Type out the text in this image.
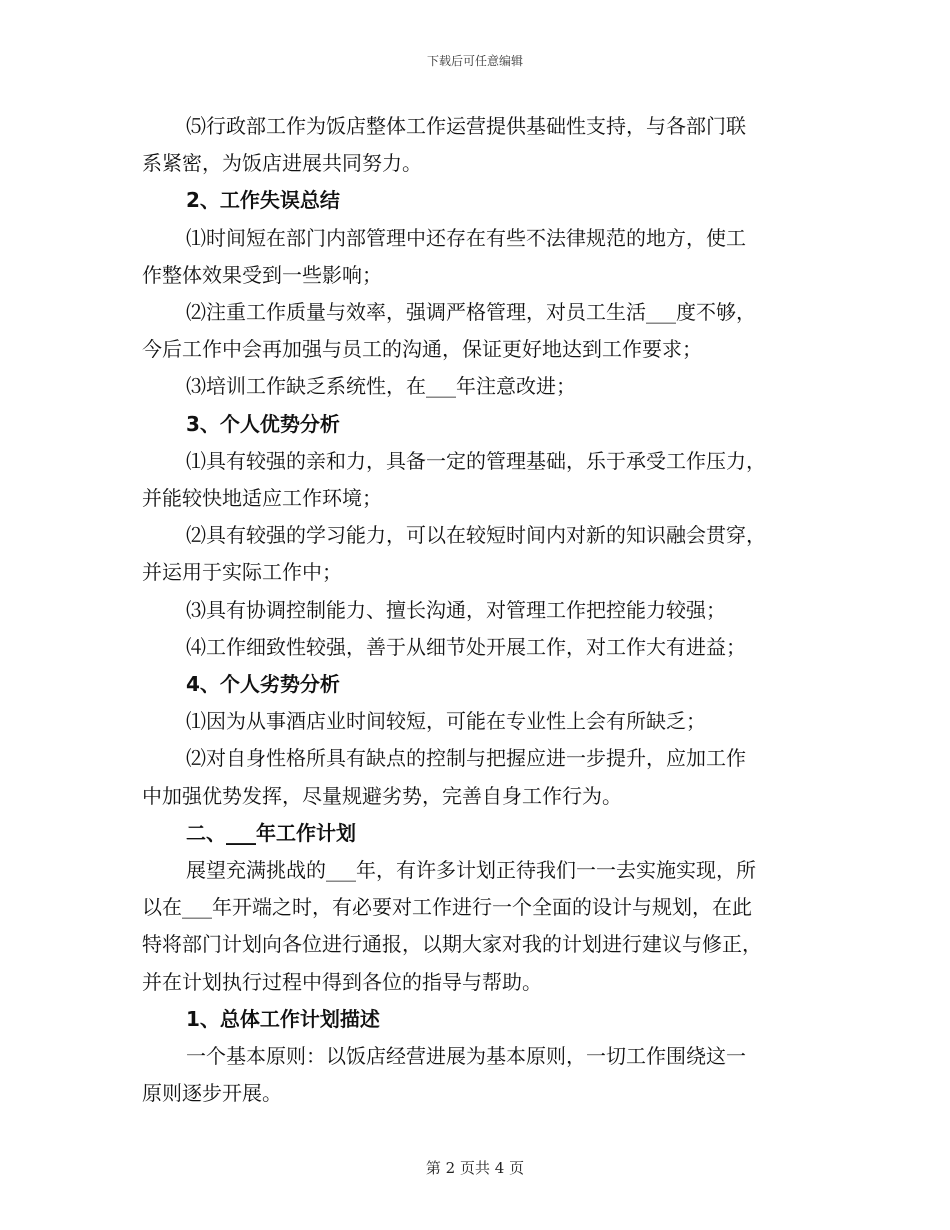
下载后可任意编辑
⑸行政部工作为饭店整体工作运营提供基础性支持，与各部门联
系紧密，为饭店进展共同努力。
2、工作失误总结
⑴时间短在部门内部管理中还存在有些不法律规范的地方，使工
作整体效果受到一些影响；
⑵注重工作质量与效率，强调严格管理，对员工生活___度不够，
今后工作中会再加强与员工的沟通，保证更好地达到工作要求；
⑶培训工作缺乏系统性，在___年注意改进；
3、个人优势分析
⑴具有较强的亲和力，具备一定的管理基础，乐于承受工作压力，
并能较快地适应工作环境；
⑵具有较强的学习能力，可以在较短时间内对新的知识融会贯穿，
并运用于实际工作中；
⑶具有协调控制能力、擅长沟通，对管理工作把控能力较强；
⑷工作细致性较强，善于从细节处开展工作，对工作大有进益；
4、个人劣势分析
⑴因为从事酒店业时间较短，可能在专业性上会有所缺乏；
⑵对自身性格所具有缺点的控制与把握应进一步提升，应加工作
中加强优势发挥，尽量规避劣势，完善自身工作行为。
二、___年工作计划
展望充满挑战的___年，有许多计划正待我们一一去实施实现，所
以在___年开端之时，有必要对工作进行一个全面的设计与规划，在此
特将部门计划向各位进行通报，以期大家对我的计划进行建议与修正，
并在计划执行过程中得到各位的指导与帮助。
1、总体工作计划描述
一个基本原则：以饭店经营进展为基本原则，一切工作围绕这一
原则逐步开展。
第 2 页共 4 页
